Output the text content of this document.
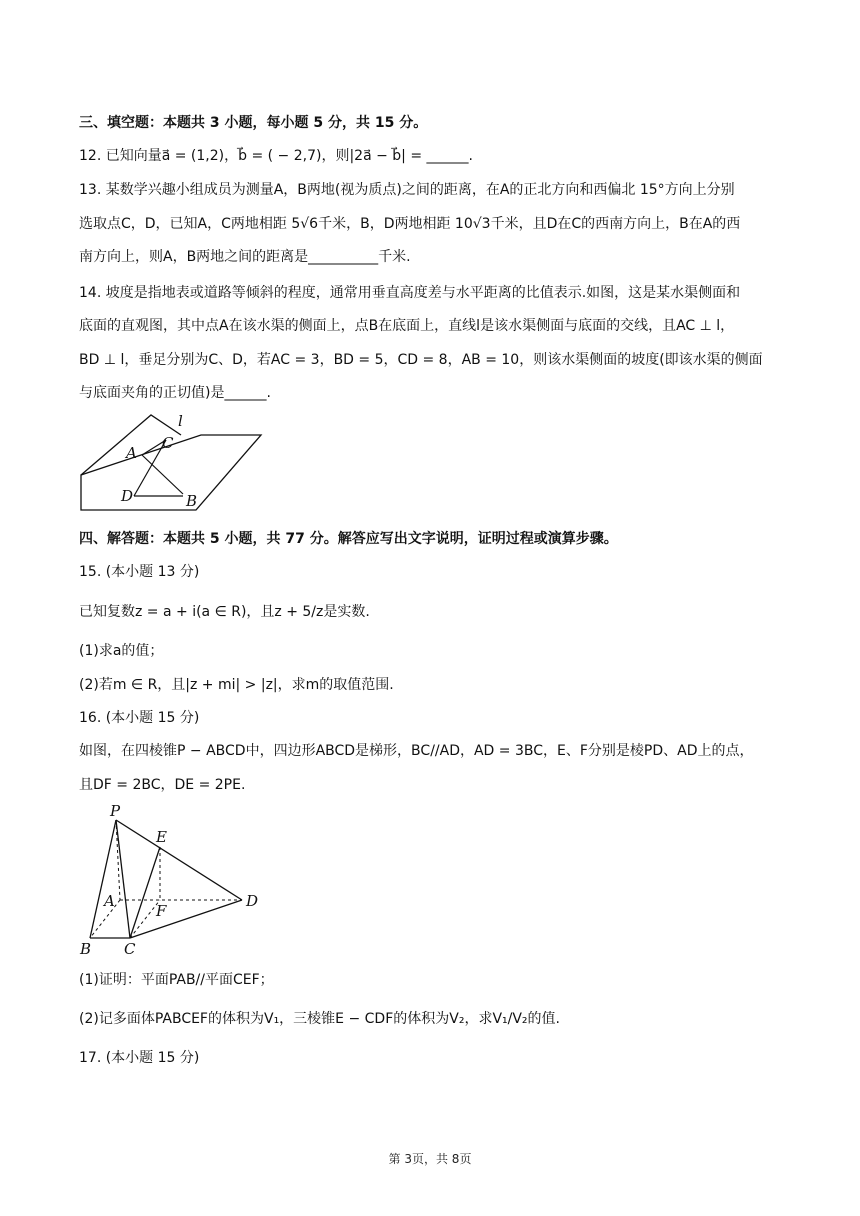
三、填空题：本题共 3 小题，每小题 5 分，共 15 分。
12. 已知向量a⃗ = (1,2)，b⃗ = ( − 2,7)，则|2a⃗ − b⃗| = ______.
13. 某数学兴趣小组成员为测量A，B两地(视为质点)之间的距离，在A的正北方向和西偏北 15°方向上分别
选取点C，D，已知A，C两地相距 5√6千米，B，D两地相距 10√3千米，且D在C的西南方向上，B在A的西
南方向上，则A，B两地之间的距离是__________千米.
14. 坡度是指地表或道路等倾斜的程度，通常用垂直高度差与水平距离的比值表示.如图，这是某水渠侧面和
底面的直观图，其中点A在该水渠的侧面上，点B在底面上，直线l是该水渠侧面与底面的交线，且AC ⊥ l，
BD ⊥ l，垂足分别为C、D，若AC = 3，BD = 5，CD = 8，AB = 10，则该水渠侧面的坡度(即该水渠的侧面
与底面夹角的正切值)是______.
A
C
l
D	B
四、解答题：本题共 5 小题，共 77 分。解答应写出文字说明，证明过程或演算步骤。
15. (本小题 13 分)
已知复数z = a + i(a ∈ R)，且z + 5/z是实数.
(1)求a的值；
(2)若m ∈ R，且|z + mi| > |z|，求m的取值范围.
16. (本小题 15 分)
如图，在四棱锥P − ABCD中，四边形ABCD是梯形，BC//AD，AD = 3BC，E、F分别是棱PD、AD上的点，
且DF = 2BC，DE = 2PE.
P
E
A
F
D
B C
(1)证明：平面PAB//平面CEF；
(2)记多面体PABCEF的体积为V₁，三棱锥E − CDF的体积为V₂，求V₁/V₂的值.
17. (本小题 15 分)
第 3页，共 8页
